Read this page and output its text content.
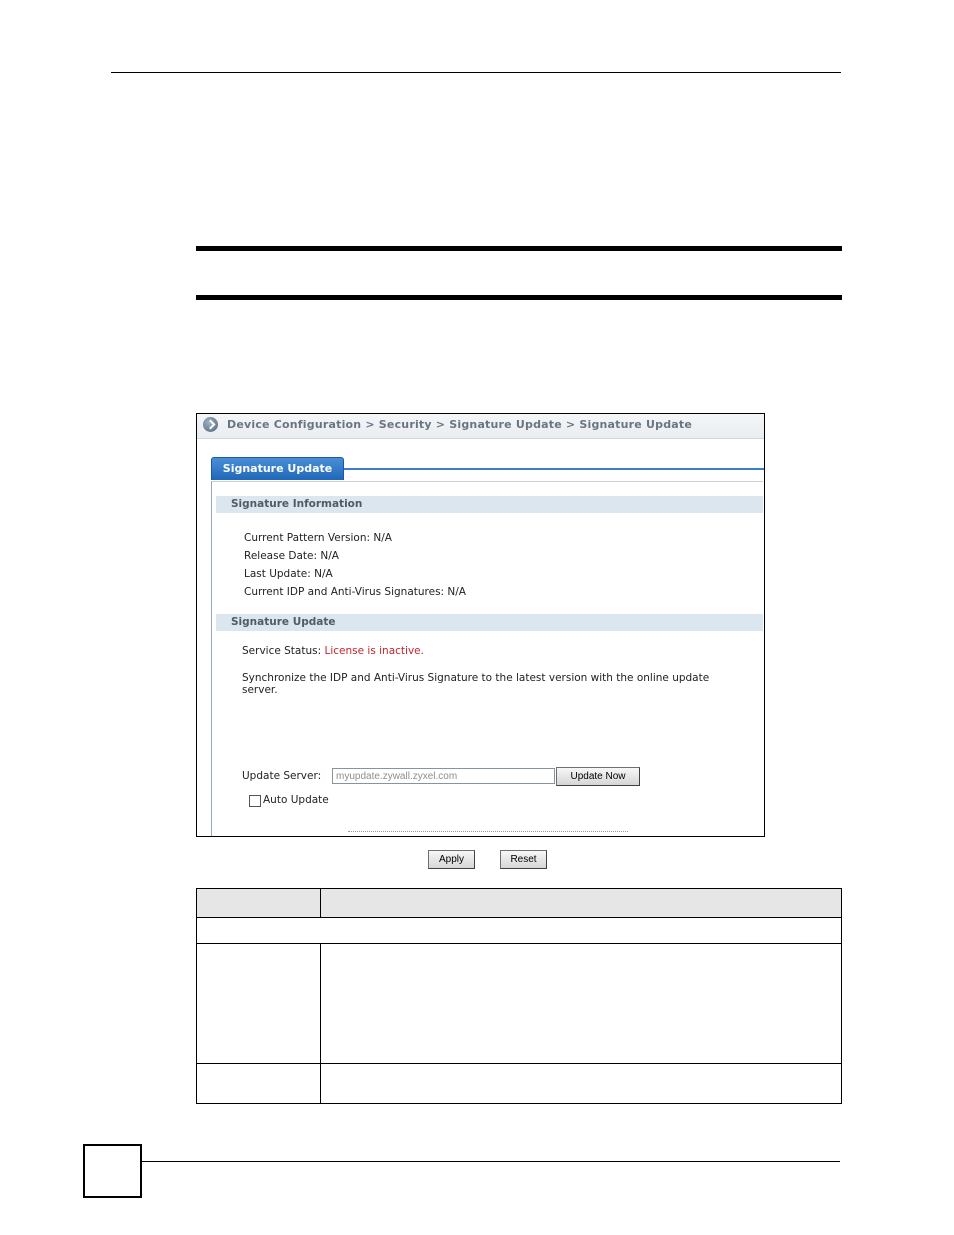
Device Configuration > Security > Signature Update > Signature Update
Signature Update
Signature Information
Current Pattern Version: N/A
Release Date: N/A
Last Update: N/A
Current IDP and Anti-Virus Signatures: N/A
Signature Update
Service Status: License is inactive.
Synchronize the IDP and Anti-Virus Signature to the latest version with the online update server.
Update Server:
myupdate.zywall.zyxel.com	Update Now
Auto Update
Apply	Reset
